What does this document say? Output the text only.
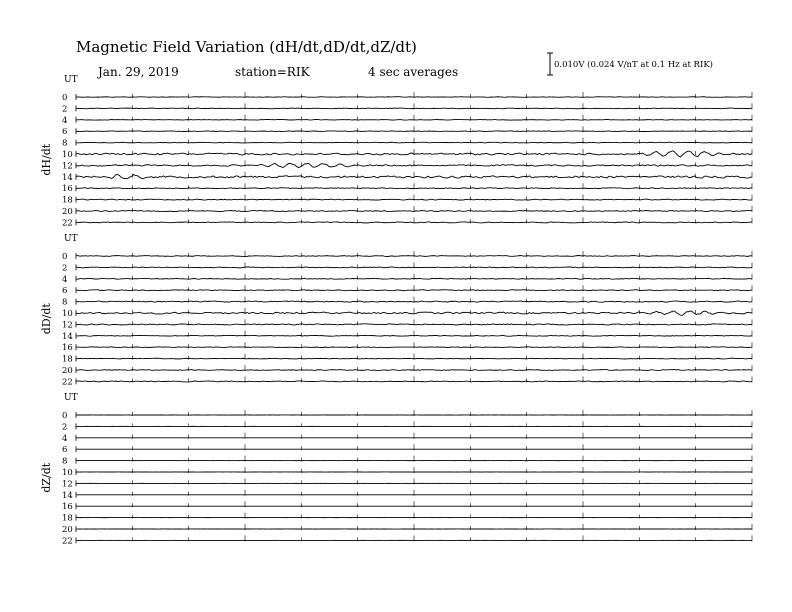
Magnetic Field Variation (dH/dt,dD/dt,dZ/dt)
Jan. 29, 2019	station=RIK	4 sec averages	0.010V (0.024 V/nT at 0.1 Hz at RIK)
UT
dH/dt
0
2
4
6
8
10
12
14
16
18
20
22
UT
dD/dt
0
2
4
6
8
10
12
14
16
18
20
22
UT
dZ/dt
0
2
4
6
8
10
12
14
16
18
20
22
